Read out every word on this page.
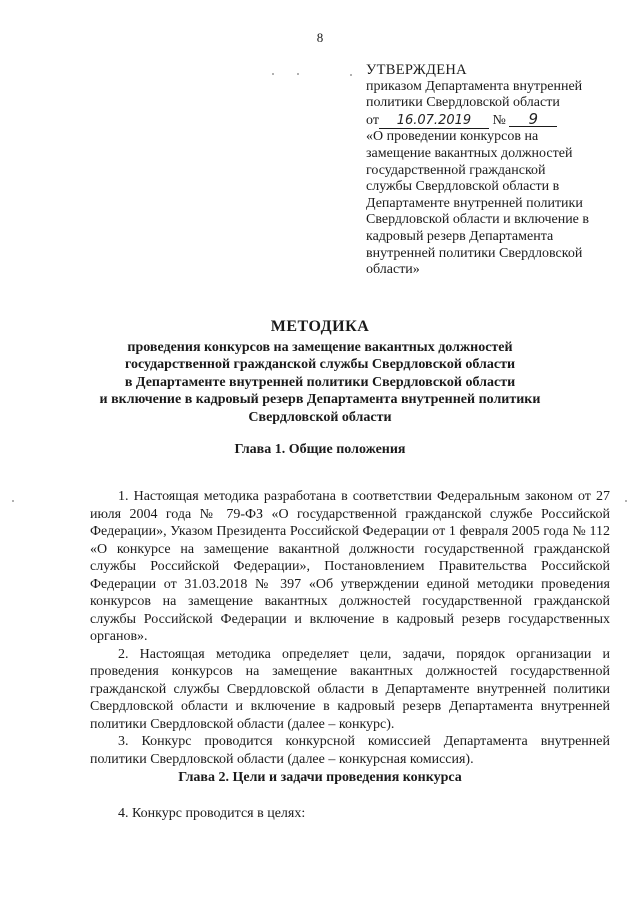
8
УТВЕРЖДЕНА
приказом Департамента внутренней
политики Свердловской области
от 16.07.2019 № 9
«О проведении конкурсов на
замещение вакантных должностей
государственной гражданской
службы Свердловской области в
Департаменте внутренней политики
Свердловской области и включение в
кадровый резерв Департамента
внутренней политики Свердловской
области»
МЕТОДИКА
проведения конкурсов на замещение вакантных должностей
государственной гражданской службы Свердловской области
в Департаменте внутренней политики Свердловской области
и включение в кадровый резерв Департамента внутренней политики
Свердловской области
Глава 1. Общие положения

1. Настоящая методика разработана в соответствии Федеральным законом от 27 июля 2004 года № 79-ФЗ «О государственной гражданской службе Российской Федерации», Указом Президента Российской Федерации от 1 февраля 2005 года № 112 «О конкурсе на замещение вакантной должности государственной гражданской службы Российской Федерации», Постановлением Правительства Российской Федерации от 31.03.2018 № 397 «Об утверждении единой методики проведения конкурсов на замещение вакантных должностей государственной гражданской службы Российской Федерации и включение в кадровый резерв государственных органов».

2. Настоящая методика определяет цели, задачи, порядок организации и проведения конкурсов на замещение вакантных должностей государственной гражданской службы Свердловской области в Департаменте внутренней политики Свердловской области и включение в кадровый резерв Департамента внутренней политики Свердловской области (далее – конкурс).

3. Конкурс проводится конкурсной комиссией Департамента внутренней политики Свердловской области (далее – конкурсная комиссия).

Глава 2. Цели и задачи проведения конкурса

4. Конкурс проводится в целях:
